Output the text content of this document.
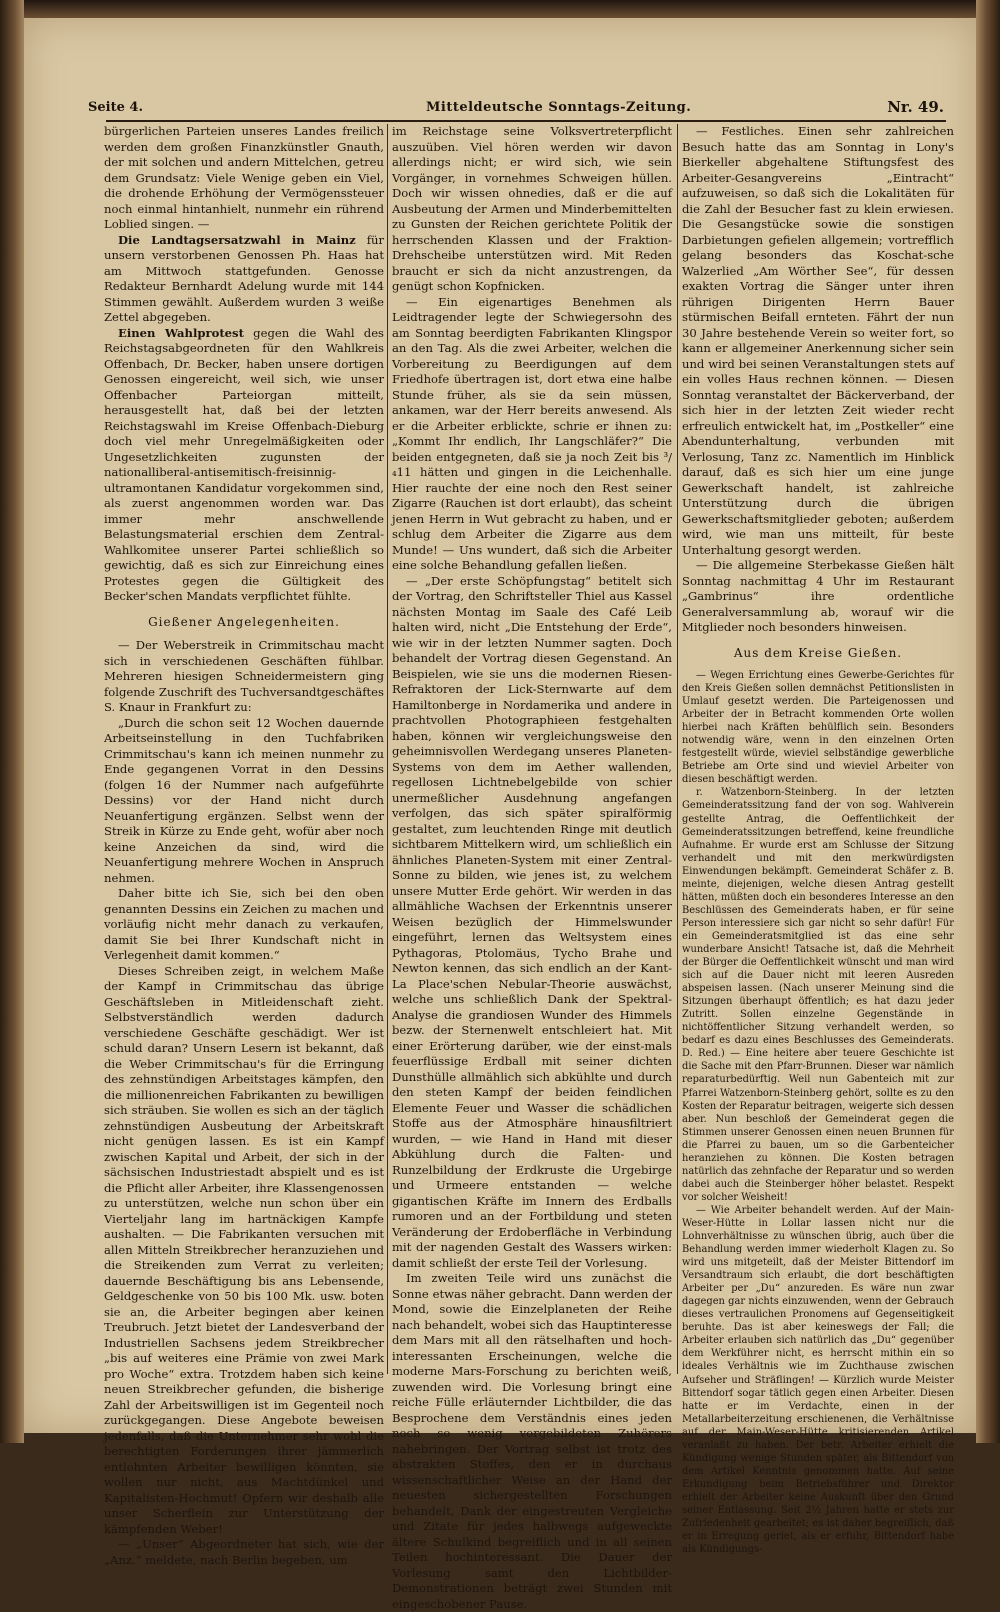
Seite 4.	Mitteldeutsche Sonntags-Zeitung.	Nr. 49.

bürgerlichen Parteien unseres Landes freilich werden dem großen Finanzkünstler Gnauth, der mit solchen und andern Mittelchen, getreu dem Grundsatz: Viele Wenige geben ein Viel, die drohende Erhöhung der Vermögenssteuer noch einmal hintanhielt, nunmehr ein rührend Loblied singen. —

Die Landtagsersatzwahl in Mainz für unsern verstorbenen Genossen Ph. Haas hat am Mittwoch stattgefunden. Genosse Redakteur Bernhardt Adelung wurde mit 144 Stimmen gewählt. Außerdem wurden 3 weiße Zettel abgegeben.

Einen Wahlprotest gegen die Wahl des Reichstagsabgeordneten für den Wahlkreis Offenbach, Dr. Becker, haben unsere dortigen Genossen eingereicht, weil sich, wie unser Offenbacher Parteiorgan mitteilt, herausgestellt hat, daß bei der letzten Reichstagswahl im Kreise Offenbach-Dieburg doch viel mehr Unregelmäßigkeiten oder Ungesetzlichkeiten zugunsten der nationalliberal-antisemitisch-freisinnig-ultramontanen Kandidatur vorgekommen sind, als zuerst angenommen worden war. Das immer mehr anschwellende Belastungsmaterial erschien dem Zentral-Wahlkomitee unserer Partei schließlich so gewichtig, daß es sich zur Einreichung eines Protestes gegen die Gültigkeit des Becker'schen Mandats verpflichtet fühlte.

Gießener Angelegenheiten.

— Der Weberstreik in Crimmitschau macht sich in verschiedenen Geschäften fühlbar. Mehreren hiesigen Schneidermeistern ging folgende Zuschrift des Tuchversandtgeschäftes S. Knaur in Frankfurt zu:

„Durch die schon seit 12 Wochen dauernde Arbeitseinstellung in den Tuchfabriken Crimmitschau's kann ich meinen nunmehr zu Ende gegangenen Vorrat in den Dessins (folgen 16 der Nummer nach aufgeführte Dessins) vor der Hand nicht durch Neuanfertigung ergänzen. Selbst wenn der Streik in Kürze zu Ende geht, wofür aber noch keine Anzeichen da sind, wird die Neuanfertigung mehrere Wochen in Anspruch nehmen.

Daher bitte ich Sie, sich bei den oben genannten Dessins ein Zeichen zu machen und vorläufig nicht mehr danach zu verkaufen, damit Sie bei Ihrer Kundschaft nicht in Verlegenheit damit kommen.“

Dieses Schreiben zeigt, in welchem Maße der Kampf in Crimmitschau das übrige Geschäftsleben in Mitleidenschaft zieht. Selbstverständlich werden dadurch verschiedene Geschäfte geschädigt. Wer ist schuld daran? Unsern Lesern ist bekannt, daß die Weber Crimmitschau's für die Erringung des zehnstündigen Arbeitstages kämpfen, den die millionenreichen Fabrikanten zu bewilligen sich sträuben. Sie wollen es sich an der täglich zehnstündigen Ausbeutung der Arbeitskraft nicht genügen lassen. Es ist ein Kampf zwischen Kapital und Arbeit, der sich in der sächsischen Industriestadt abspielt und es ist die Pflicht aller Arbeiter, ihre Klassengenossen zu unterstützen, welche nun schon über ein Vierteljahr lang im hartnäckigen Kampfe aushalten. — Die Fabrikanten versuchen mit allen Mitteln Streikbrecher heranzuziehen und die Streikenden zum Verrat zu verleiten; dauernde Beschäftigung bis ans Lebensende, Geldgeschenke von 50 bis 100 Mk. usw. boten sie an, die Arbeiter begingen aber keinen Treubruch. Jetzt bietet der Landesverband der Industriellen Sachsens jedem Streikbrecher „bis auf weiteres eine Prämie von zwei Mark pro Woche“ extra. Trotzdem haben sich keine neuen Streikbrecher gefunden, die bisherige Zahl der Arbeitswilligen ist im Gegenteil noch zurückgegangen. Diese Angebote beweisen jedenfalls, daß die Unternehmer sehr wohl die berechtigten Forderungen ihrer jämmerlich entlohnten Arbeiter bewilligen könnten, sie wollen nur nicht, aus Machtdünkel und Kapitalisten-Hochmut! Opfern wir deshalb alle unser Scherflein zur Unterstützung der kämpfenden Weber!

— „Unser“ Abgeordneter hat sich, wie der „Anz.“ meldete, nach Berlin begeben, um

im Reichstage seine Volksvertreterpflicht auszuüben. Viel hören werden wir davon allerdings nicht; er wird sich, wie sein Vorgänger, in vornehmes Schweigen hüllen. Doch wir wissen ohnedies, daß er die auf Ausbeutung der Armen und Minderbemittelten zu Gunsten der Reichen gerichtete Politik der herrschenden Klassen und der Fraktion-Drehscheibe unterstützen wird. Mit Reden braucht er sich da nicht anzustrengen, da genügt schon Kopfnicken.

— Ein eigenartiges Benehmen als Leidtragender legte der Schwiegersohn des am Sonntag beerdigten Fabrikanten Klingspor an den Tag. Als die zwei Arbeiter, welchen die Vorbereitung zu Beerdigungen auf dem Friedhofe übertragen ist, dort etwa eine halbe Stunde früher, als sie da sein müssen, ankamen, war der Herr bereits anwesend. Als er die Arbeiter erblickte, schrie er ihnen zu: „Kommt Ihr endlich, Ihr Langschläfer?“ Die beiden entgegneten, daß sie ja noch Zeit bis ³/₄11 hätten und gingen in die Leichenhalle. Hier rauchte der eine noch den Rest seiner Zigarre (Rauchen ist dort erlaubt), das scheint jenen Herrn in Wut gebracht zu haben, und er schlug dem Arbeiter die Zigarre aus dem Munde! — Uns wundert, daß sich die Arbeiter eine solche Behandlung gefallen ließen.

— „Der erste Schöpfungstag“ betitelt sich der Vortrag, den Schriftsteller Thiel aus Kassel nächsten Montag im Saale des Café Leib halten wird, nicht „Die Entstehung der Erde“, wie wir in der letzten Nummer sagten. Doch behandelt der Vortrag diesen Gegenstand. An Beispielen, wie sie uns die modernen Riesen-Refraktoren der Lick-Sternwarte auf dem Hamiltonberge in Nordamerika und andere in prachtvollen Photographieen festgehalten haben, können wir vergleichungsweise den geheimnisvollen Werdegang unseres Planeten-Systems von dem im Aether wallenden, regellosen Lichtnebelgebilde von schier unermeßlicher Ausdehnung angefangen verfolgen, das sich später spiralförmig gestaltet, zum leuchtenden Ringe mit deutlich sichtbarem Mittelkern wird, um schließlich ein ähnliches Planeten-System mit einer Zentral-Sonne zu bilden, wie jenes ist, zu welchem unsere Mutter Erde gehört. Wir werden in das allmähliche Wachsen der Erkenntnis unserer Weisen bezüglich der Himmelswunder eingeführt, lernen das Weltsystem eines Pythagoras, Ptolomäus, Tycho Brahe und Newton kennen, das sich endlich an der Kant-La Place'schen Nebular-Theorie auswächst, welche uns schließlich Dank der Spektral-Analyse die grandiosen Wunder des Himmels bezw. der Sternenwelt entschleiert hat. Mit einer Erörterung darüber, wie der einst-mals feuerflüssige Erdball mit seiner dichten Dunsthülle allmählich sich abkühlte und durch den steten Kampf der beiden feindlichen Elemente Feuer und Wasser die schädlichen Stoffe aus der Atmosphäre hinausfiltriert wurden, — wie Hand in Hand mit dieser Abkühlung durch die Falten- und Runzelbildung der Erdkruste die Urgebirge und Urmeere entstanden — welche gigantischen Kräfte im Innern des Erdballs rumoren und an der Fortbildung und steten Veränderung der Erdoberfläche in Verbindung mit der nagenden Gestalt des Wassers wirken: damit schließt der erste Teil der Vorlesung.

Im zweiten Teile wird uns zunächst die Sonne etwas näher gebracht. Dann werden der Mond, sowie die Einzelplaneten der Reihe nach behandelt, wobei sich das Hauptinteresse dem Mars mit all den rätselhaften und hoch-interessanten Erscheinungen, welche die moderne Mars-Forschung zu berichten weiß, zuwenden wird. Die Vorlesung bringt eine reiche Fülle erläuternder Lichtbilder, die das Besprochene dem Verständnis eines jeden noch so wenig vorgebildeten Zuhörers nahebringen. Der Vortrag selbst ist trotz des abstrakten Stoffes, den er in durchaus wissenschaftlicher Weise an der Hand der neuesten sichergestellten Forschungen behandelt, Dank der eingestreuten Vergleiche und Zitate für jedes halbwegs aufgeweckte ältere Schulkind begreiflich und in all seinen Teilen hochinteressant. Die Dauer der Vorlesung samt den Lichtbilder-Demonstrationen beträgt zwei Stunden mit eingeschobener Pause.

— Festliches. Einen sehr zahlreichen Besuch hatte das am Sonntag in Lony's Bierkeller abgehaltene Stiftungsfest des Arbeiter-Gesangvereins „Eintracht“ aufzuweisen, so daß sich die Lokalitäten für die Zahl der Besucher fast zu klein erwiesen. Die Gesangstücke sowie die sonstigen Darbietungen gefielen allgemein; vortrefflich gelang besonders das Koschat-sche Walzerlied „Am Wörther See“, für dessen exakten Vortrag die Sänger unter ihren rührigen Dirigenten Herrn Bauer stürmischen Beifall ernteten. Fährt der nun 30 Jahre bestehende Verein so weiter fort, so kann er allgemeiner Anerkennung sicher sein und wird bei seinen Veranstaltungen stets auf ein volles Haus rechnen können. — Diesen Sonntag veranstaltet der Bäckerverband, der sich hier in der letzten Zeit wieder recht erfreulich entwickelt hat, im „Postkeller“ eine Abendunterhaltung, verbunden mit Verlosung, Tanz zc. Namentlich im Hinblick darauf, daß es sich hier um eine junge Gewerkschaft handelt, ist zahlreiche Unterstützung durch die übrigen Gewerkschaftsmitglieder geboten; außerdem wird, wie man uns mitteilt, für beste Unterhaltung gesorgt werden.

— Die allgemeine Sterbekasse Gießen hält Sonntag nachmittag 4 Uhr im Restaurant „Gambrinus“ ihre ordentliche Generalversammlung ab, worauf wir die Mitglieder noch besonders hinweisen.

Aus dem Kreise Gießen.

— Wegen Errichtung eines Gewerbe-Gerichtes für den Kreis Gießen sollen demnächst Petitionslisten in Umlauf gesetzt werden. Die Parteigenossen und Arbeiter der in Betracht kommenden Orte wollen hierbei nach Kräften behülflich sein. Besonders notwendig wäre, wenn in den einzelnen Orten festgestellt würde, wieviel selbständige gewerbliche Betriebe am Orte sind und wieviel Arbeiter von diesen beschäftigt werden.

r. Watzenborn-Steinberg. In der letzten Gemeinderatssitzung fand der von sog. Wahlverein gestellte Antrag, die Oeffentlichkeit der Gemeinderatssitzungen betreffend, keine freundliche Aufnahme. Er wurde erst am Schlusse der Sitzung verhandelt und mit den merkwürdigsten Einwendungen bekämpft. Gemeinderat Schäfer z. B. meinte, diejenigen, welche diesen Antrag gestellt hätten, müßten doch ein besonderes Interesse an den Beschlüssen des Gemeinderats haben, er für seine Person interessiere sich gar nicht so sehr dafür! Für ein Gemeinderatsmitglied ist das eine sehr wunderbare Ansicht! Tatsache ist, daß die Mehrheit der Bürger die Oeffentlichkeit wünscht und man wird sich auf die Dauer nicht mit leeren Ausreden abspeisen lassen. (Nach unserer Meinung sind die Sitzungen überhaupt öffentlich; es hat dazu jeder Zutritt. Sollen einzelne Gegenstände in nichtöffentlicher Sitzung verhandelt werden, so bedarf es dazu eines Beschlusses des Gemeinderats. D. Red.) — Eine heitere aber teuere Geschichte ist die Sache mit den Pfarr-Brunnen. Dieser war nämlich reparaturbedürftig. Weil nun Gabenteich mit zur Pfarrei Watzenborn-Steinberg gehört, sollte es zu den Kosten der Reparatur beitragen, weigerte sich dessen aber. Nun beschloß der Gemeinderat gegen die Stimmen unserer Genossen einen neuen Brunnen für die Pfarrei zu bauen, um so die Garbenteicher heranziehen zu können. Die Kosten betragen natürlich das zehnfache der Reparatur und so werden dabei auch die Steinberger höher belastet. Respekt vor solcher Weisheit!

— Wie Arbeiter behandelt werden. Auf der Main-Weser-Hütte in Lollar lassen nicht nur die Lohnverhältnisse zu wünschen übrig, auch über die Behandlung werden immer wiederholt Klagen zu. So wird uns mitgeteilt, daß der Meister Bittendorf im Versandtraum sich erlaubt, die dort beschäftigten Arbeiter per „Du“ anzureden. Es wäre nun zwar dagegen gar nichts einzuwenden, wenn der Gebrauch dieses vertraulichen Pronomens auf Gegenseitigkeit beruhte. Das ist aber keineswegs der Fall; die Arbeiter erlauben sich natürlich das „Du“ gegenüber dem Werkführer nicht, es herrscht mithin ein so ideales Verhältnis wie im Zuchthause zwischen Aufseher und Sträflingen! — Kürzlich wurde Meister Bittendorf sogar tätlich gegen einen Arbeiter. Diesen hatte er im Verdachte, einen in der Metallarbeiterzeitung erschienenen, die Verhältnisse auf der Main-Weser-Hütte kritisierenden Artikel veranlaßt zu haben. Der betr. Arbeiter erhielt die Kündigung wenige Stunden später, als Bittendorf von dem Artikel Kenntnis genommen hatte. Auf seine Erkundigung beim Betriebsführer und Direktor erhielt der Arbeiter keine Auskunft über den Grund seiner Entlassung. Seit 2½ Jahren hatte er stets zur Zufriedenheit gearbeitet; es ist daher begreiflich, daß er in Erregung geriet, als er erfuhr, Bittendorf habe als Kündigungs-
